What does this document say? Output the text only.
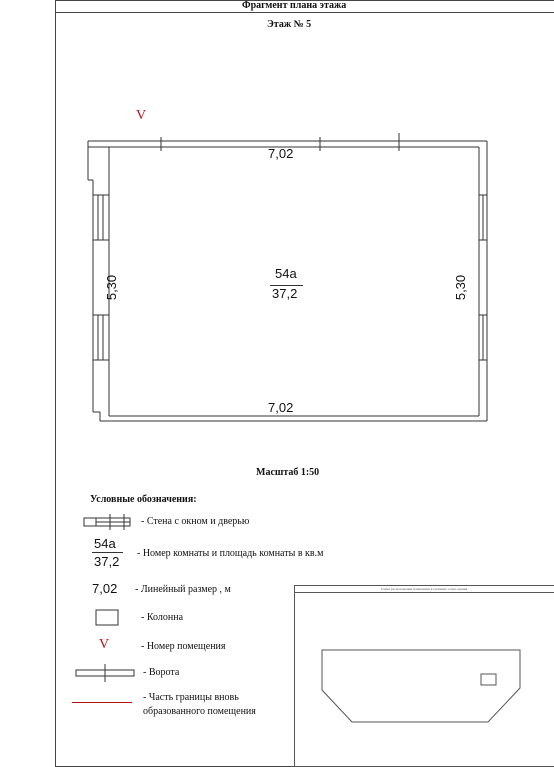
Схема расположения помещения в границах этажа здания
Фрагмент плана этажа
Этаж № 5
V
7,02
7,02
5,30	5,30
54а
37,2
Масштаб 1:50
Условные обозначения:
- Стена с окном и дверью
54а
37,2
- Номер комнаты и площадь комнаты в кв.м
7,02 - Линейный размер , м
- Колонна
V	- Номер помещения
- Ворота
- Часть границы вновь
образованного помещения
